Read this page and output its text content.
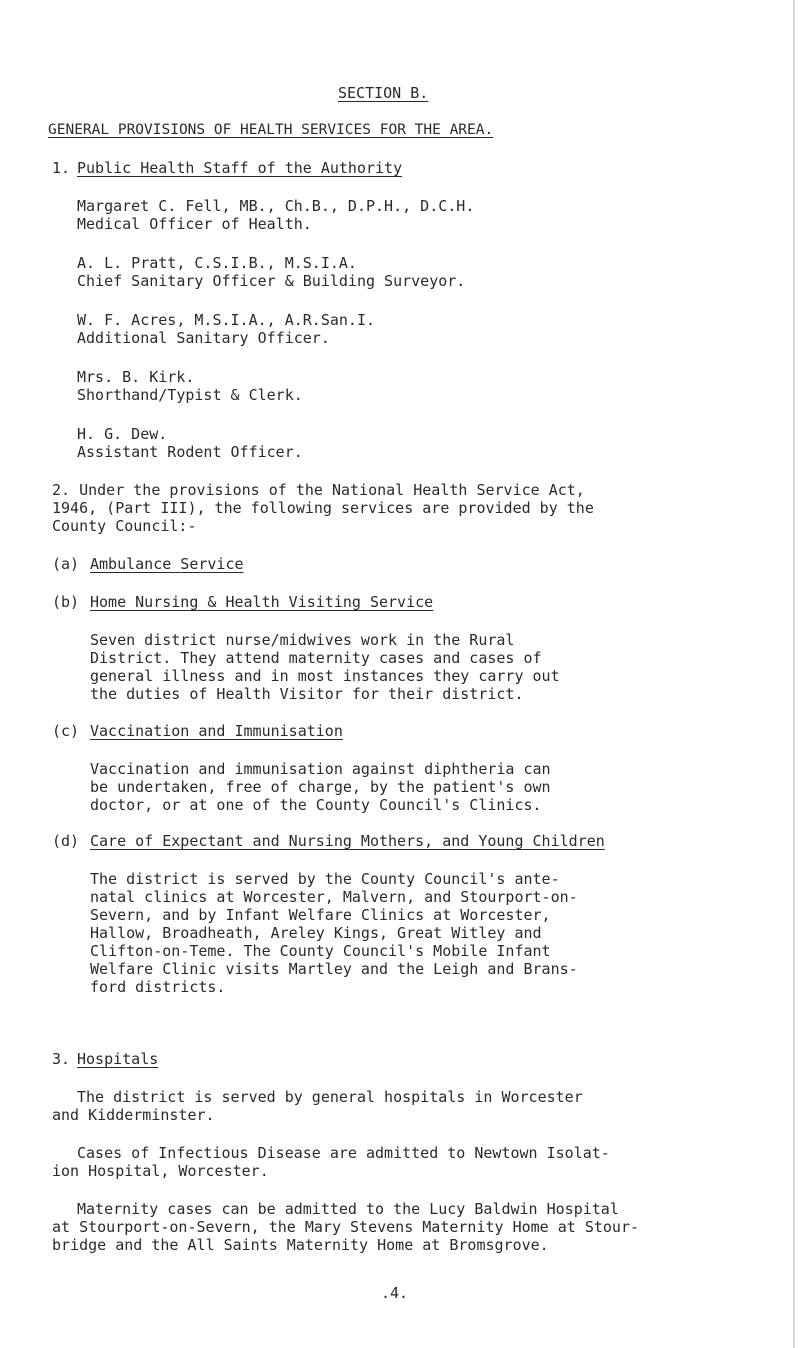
SECTION B.
GENERAL PROVISIONS OF HEALTH SERVICES FOR THE AREA.
1. Public Health Staff of the Authority
Margaret C. Fell, MB., Ch.B., D.P.H., D.C.H.
Medical Officer of Health.
A. L. Pratt, C.S.I.B., M.S.I.A.
Chief Sanitary Officer & Building Surveyor.
W. F. Acres, M.S.I.A., A.R.San.I.
Additional Sanitary Officer.
Mrs. B. Kirk.
Shorthand/Typist & Clerk.
H. G. Dew.
Assistant Rodent Officer.
2. Under the provisions of the National Health Service Act,
1946, (Part III), the following services are provided by the
County Council:-
(a) Ambulance Service
(b) Home Nursing & Health Visiting Service
Seven district nurse/midwives work in the Rural
District. They attend maternity cases and cases of
general illness and in most instances they carry out
the duties of Health Visitor for their district.
(c) Vaccination and Immunisation
Vaccination and immunisation against diphtheria can
be undertaken, free of charge, by the patient's own
doctor, or at one of the County Council's Clinics.
(d) Care of Expectant and Nursing Mothers, and Young Children
The district is served by the County Council's ante-
natal clinics at Worcester, Malvern, and Stourport-on-
Severn, and by Infant Welfare Clinics at Worcester,
Hallow, Broadheath, Areley Kings, Great Witley and
Clifton-on-Teme. The County Council's Mobile Infant
Welfare Clinic visits Martley and the Leigh and Brans-
ford districts.
3. Hospitals
The district is served by general hospitals in Worcester
and Kidderminster.
Cases of Infectious Disease are admitted to Newtown Isolat-
ion Hospital, Worcester.
Maternity cases can be admitted to the Lucy Baldwin Hospital
at Stourport-on-Severn, the Mary Stevens Maternity Home at Stour-
bridge and the All Saints Maternity Home at Bromsgrove.
.4.
